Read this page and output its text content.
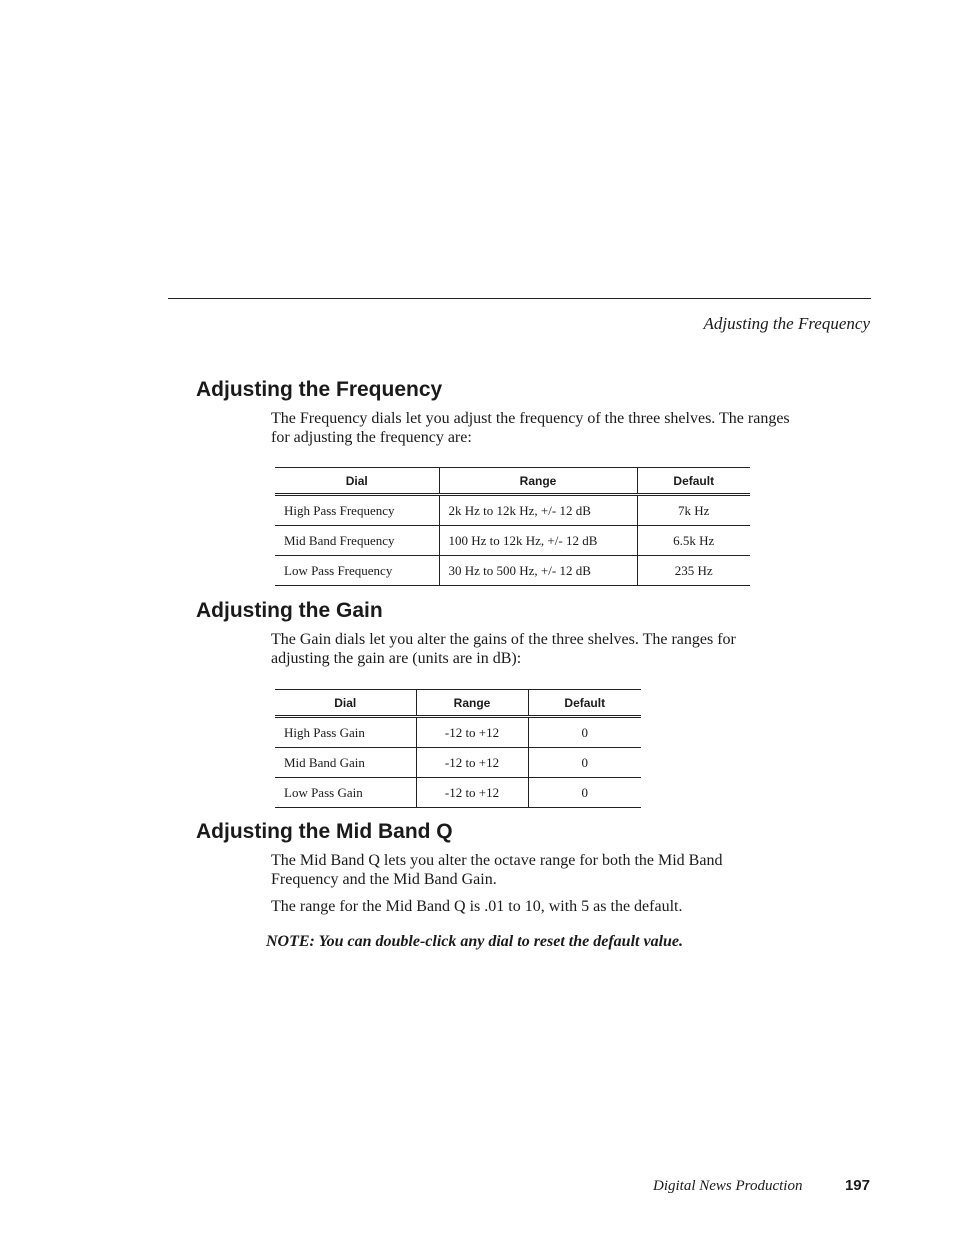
Adjusting the Frequency
Adjusting the Frequency

The Frequency dials let you adjust the frequency of the three shelves. The ranges for adjusting the frequency are:

Dial	Range	Default
High Pass Frequency	2k Hz to 12k Hz, +/- 12 dB	7k Hz
Mid Band Frequency	100 Hz to 12k Hz, +/- 12 dB	6.5k Hz
Low Pass Frequency	30 Hz to 500 Hz, +/- 12 dB	235 Hz
Adjusting the Gain

The Gain dials let you alter the gains of the three shelves. The ranges for adjusting the gain are (units are in dB):

Dial	Range	Default
High Pass Gain	-12 to +12	0
Mid Band Gain	-12 to +12	0
Low Pass Gain	-12 to +12	0
Adjusting the Mid Band Q

The Mid Band Q lets you alter the octave range for both the Mid Band Frequency and the Mid Band Gain.

The range for the Mid Band Q is .01 to 10, with 5 as the default.

NOTE: You can double-click any dial to reset the default value.

Digital News Production	197
